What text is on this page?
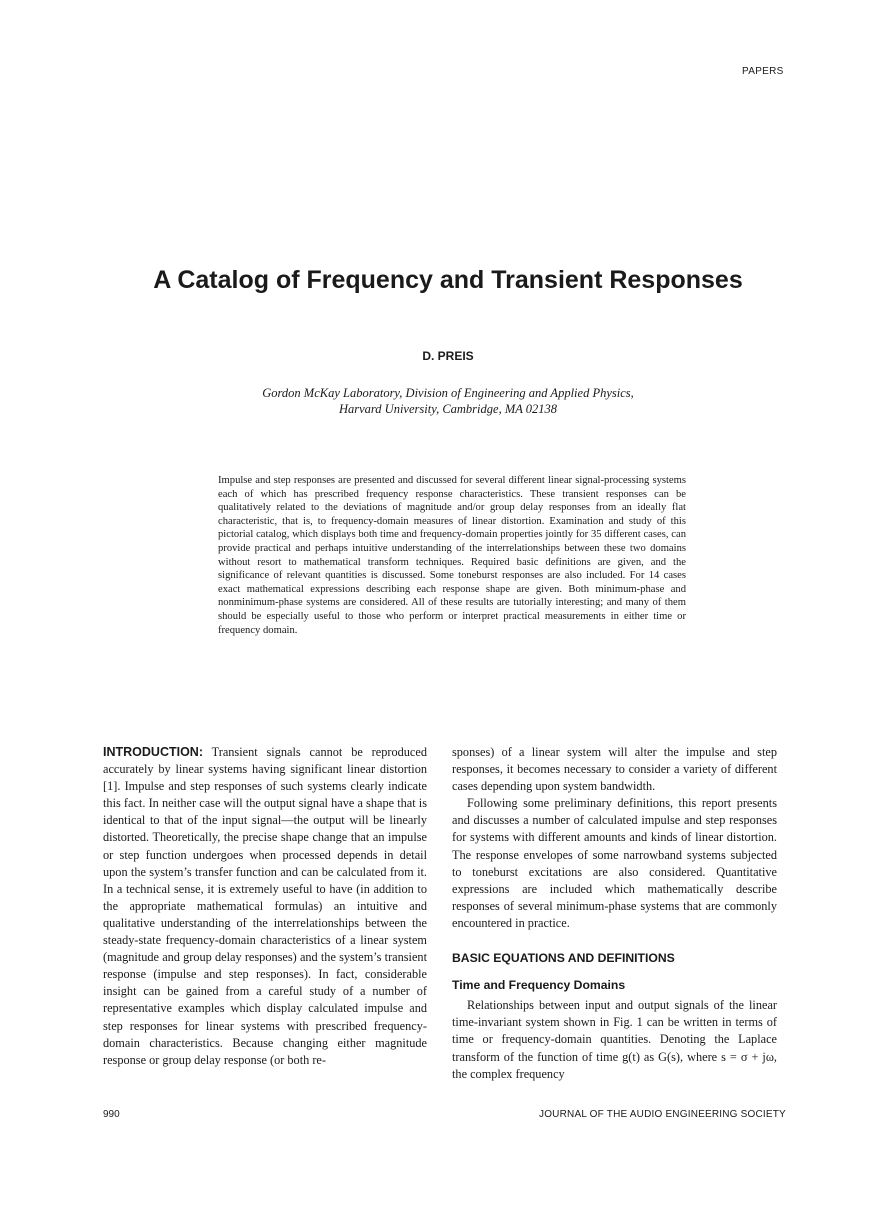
PAPERS
A Catalog of Frequency and Transient Responses
D. PREIS
Gordon McKay Laboratory, Division of Engineering and Applied Physics,
Harvard University, Cambridge, MA 02138
Impulse and step responses are presented and discussed for several different linear signal-processing systems each of which has prescribed frequency response characteristics. These transient responses can be qualitatively related to the deviations of magnitude and/or group delay responses from an ideally flat characteristic, that is, to frequency-domain measures of linear distortion. Examination and study of this pictorial catalog, which displays both time and frequency-domain properties jointly for 35 different cases, can provide practical and perhaps intuitive understanding of the interrelationships between these two domains without resort to mathematical transform techniques. Required basic definitions are given, and the significance of relevant quantities is discussed. Some toneburst responses are also included. For 14 cases exact mathematical expressions describing each response shape are given. Both minimum-phase and nonminimum-phase systems are considered. All of these results are tutorially interesting; and many of them should be especially useful to those who perform or interpret practical measurements in either time or frequency domain.

INTRODUCTION: Transient signals cannot be reproduced accurately by linear systems having significant linear distortion [1]. Impulse and step responses of such systems clearly indicate this fact. In neither case will the output signal have a shape that is identical to that of the input signal—the output will be linearly distorted. Theoretically, the precise shape change that an impulse or step function undergoes when processed depends in detail upon the system’s transfer function and can be calculated from it. In a technical sense, it is extremely useful to have (in addition to the appropriate mathematical formulas) an intuitive and qualitative understanding of the interrelationships between the steady-state frequency-domain characteristics of a linear system (magnitude and group delay responses) and the system’s transient response (impulse and step responses). In fact, considerable insight can be gained from a careful study of a number of representative examples which display calculated impulse and step responses for linear systems with prescribed frequency-domain characteristics. Because changing either magnitude response or group delay response (or both re-

sponses) of a linear system will alter the impulse and step responses, it becomes necessary to consider a variety of different cases depending upon system bandwidth.

Following some preliminary definitions, this report presents and discusses a number of calculated impulse and step responses for systems with different amounts and kinds of linear distortion. The response envelopes of some narrowband systems subjected to toneburst excitations are also considered. Quantitative expressions are included which mathematically describe responses of several minimum-phase systems that are commonly encountered in practice.

BASIC EQUATIONS AND DEFINITIONS
Time and Frequency Domains

Relationships between input and output signals of the linear time-invariant system shown in Fig. 1 can be written in terms of time or frequency-domain quantities. Denoting the Laplace transform of the function of time g(t) as G(s), where s = σ + jω, the complex frequency

990	JOURNAL OF THE AUDIO ENGINEERING SOCIETY
